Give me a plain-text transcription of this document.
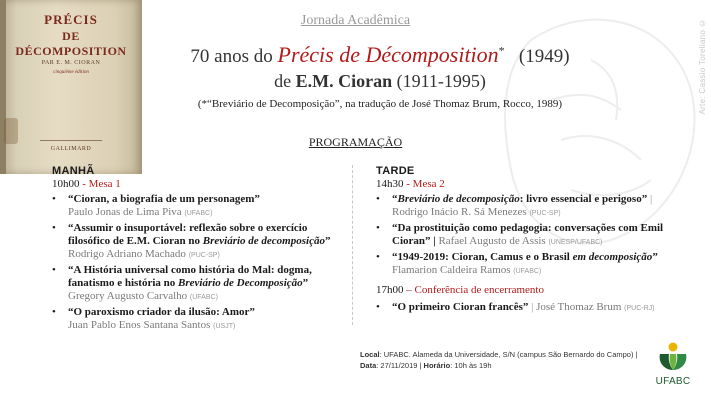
Arte: Cassio Toreliano ©
PRÉCIS
DE
DÉCOMPOSITION
PAR E. M. CIORAN
cinquième édition
GALLIMARD
Jornada Acadêmica
70 anos do Précis de Décomposition* (1949)
de E.M. Cioran (1911-1995)
(*“Breviário de Decomposição”, na tradução de José Thomaz Brum, Rocco, 1989)
PROGRAMAÇÃO
MANHÃ
10h00 - Mesa 1
• “Cioran, a biografia de um personagem”
Paulo Jonas de Lima Piva (UFABC)
• “Assumir o insuportável: reflexão sobre o exercício filosófico de E.M. Cioran no Breviário de decomposição”
Rodrigo Adriano Machado (PUC-SP)
• “A História universal como história do Mal: dogma, fanatismo e história no Breviário de Decomposição”
Gregory Augusto Carvalho (UFABC)
• “O paroxismo criador da ilusão: Amor”
Juan Pablo Enos Santana Santos (USJT)
TARDE
14h30 - Mesa 2
• “Breviário de decomposição: livro essencial e perigoso” | Rodrigo Inácio R. Sá Menezes (PUC-SP)
• “Da prostituição como pedagogia: conversações com Emil Cioran” | Rafael Augusto de Assis (UNESP/UFABC)
• “1949-2019: Cioran, Camus e o Brasil em decomposição”
Flamarion Caldeira Ramos (UFABC)
17h00 – Conferência de encerramento
• “O primeiro Cioran francês” | José Thomaz Brum (PUC-RJ)
Local: UFABC. Alameda da Universidade, S/N (campus São Bernardo do Campo) | Data: 27/11/2019 | Horário: 10h às 19h
UFABC
